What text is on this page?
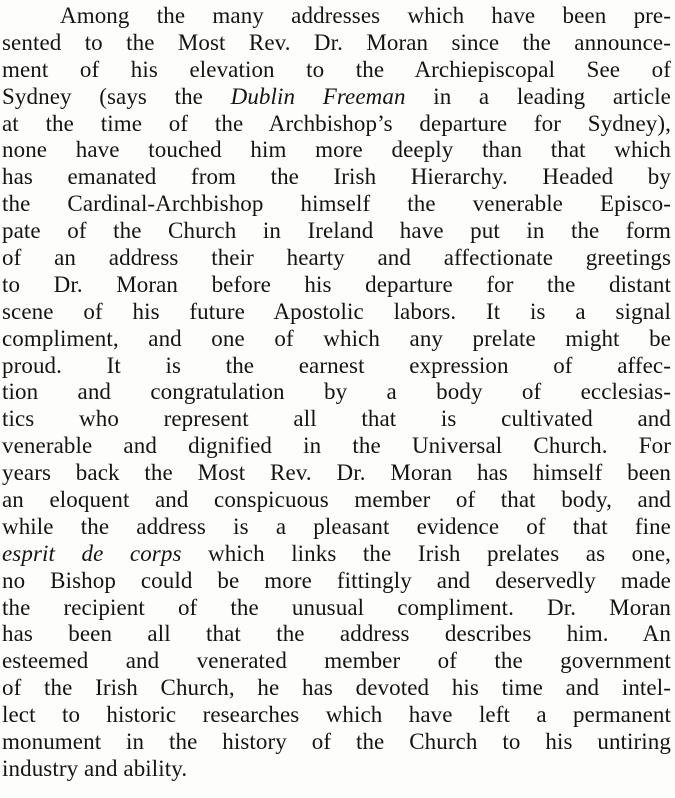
Among the many addresses which have been pre-
sented to the Most Rev. Dr. Moran since the announce-
ment of his elevation to the Archiepiscopal See of
Sydney (says the Dublin Freeman in a leading article
at the time of the Archbishop’s departure for Sydney),
none have touched him more deeply than that which
has emanated from the Irish Hierarchy. Headed by
the Cardinal-Archbishop himself the venerable Episco-
pate of the Church in Ireland have put in the form
of an address their hearty and affectionate greetings
to Dr. Moran before his departure for the distant
scene of his future Apostolic labors. It is a signal
compliment, and one of which any prelate might be
proud. It is the earnest expression of affec-
tion and congratulation by a body of ecclesias-
tics who represent all that is cultivated and
venerable and dignified in the Universal Church. For
years back the Most Rev. Dr. Moran has himself been
an eloquent and conspicuous member of that body, and
while the address is a pleasant evidence of that fine
esprit de corps which links the Irish prelates as one,
no Bishop could be more fittingly and deservedly made
the recipient of the unusual compliment. Dr. Moran
has been all that the address describes him. An
esteemed and venerated member of the government
of the Irish Church, he has devoted his time and intel-
lect to historic researches which have left a permanent
monument in the history of the Church to his untiring
industry and ability.
